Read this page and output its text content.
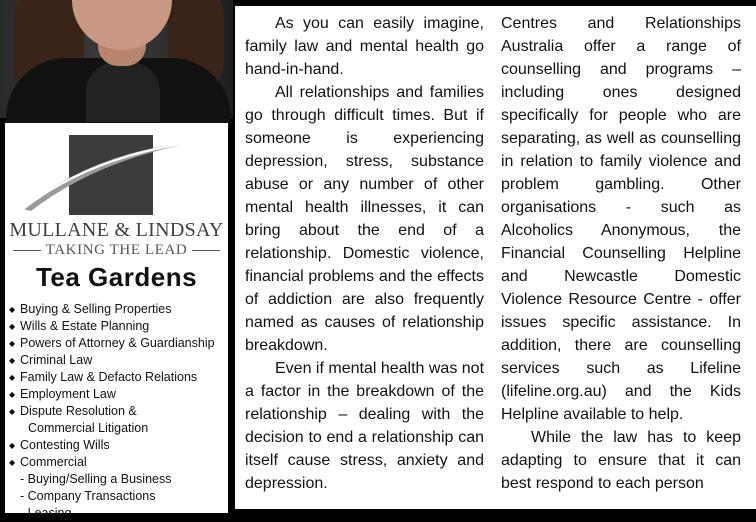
MULLANE & LINDSAY
TAKING THE LEAD
Tea Gardens
◆ Buying & Selling Properties
◆ Wills & Estate Planning
◆ Powers of Attorney & Guardianship
◆ Criminal Law
◆ Family Law & Defacto Relations
◆ Employment Law
◆ Dispute Resolution &
Commercial Litigation
◆ Contesting Wills
◆ Commercial
- Buying/Selling a Business
- Company Transactions
- Leasing

As you can easily imagine, family law and mental health go hand-in-hand.

All relationships and families go through difficult times. But if someone is experiencing depression, stress, substance abuse or any number of other mental health illnesses, it can bring about the end of a relationship. Domestic violence, financial problems and the effects of addiction are also frequently named as causes of relationship breakdown.

Even if mental health was not a factor in the breakdown of the relationship – dealing with the decision to end a relationship can itself cause stress, anxiety and depression.

Centres and Relationships Australia offer a range of counselling and programs – including ones designed specifically for people who are separating, as well as counselling in relation to family violence and problem gambling. Other organisations - such as Alcoholics Anonymous, the Financial Counselling Helpline and Newcastle Domestic Violence Resource Centre - offer issues specific assistance. In addition, there are counselling services such as Lifeline (lifeline.org.au) and the Kids Helpline available to help.

While the law has to keep adapting to ensure that it can best respond to each person
